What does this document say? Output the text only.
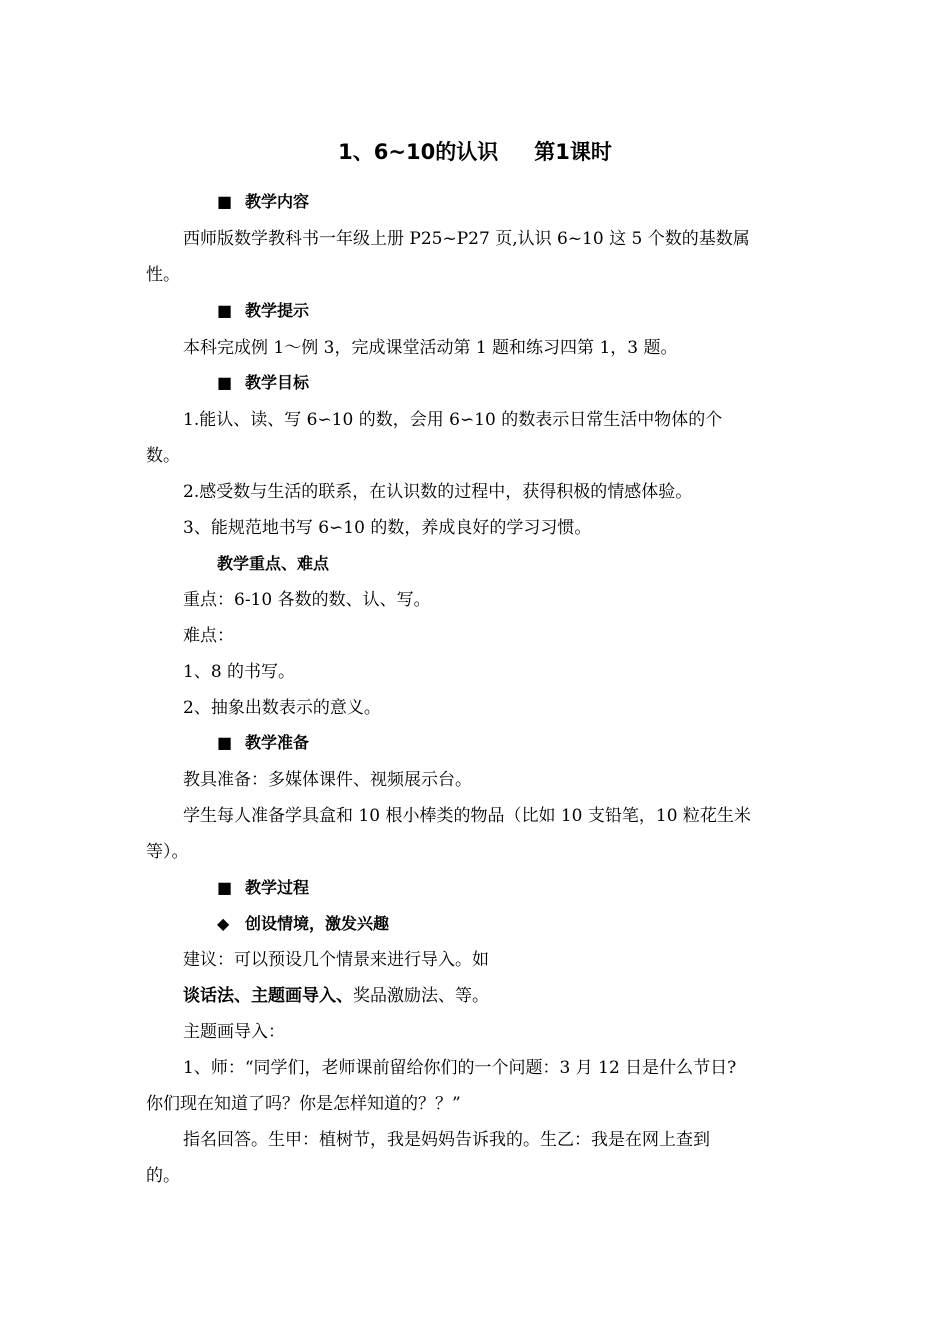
1、6~10的认识 第1课时
■ 教学内容
西师版数学教科书一年级上册 P25~P27 页,认识 6~10 这 5 个数的基数属
性。
■ 教学提示
本科完成例 1～例 3，完成课堂活动第 1 题和练习四第 1，3 题。
■ 教学目标
1.能认、读、写 6∽10 的数，会用 6∽10 的数表示日常生活中物体的个
数。
2.感受数与生活的联系，在认识数的过程中，获得积极的情感体验。
3、能规范地书写 6∽10 的数，养成良好的学习习惯。
教学重点、难点
重点：6-10 各数的数、认、写。
难点：
1、8 的书写。
2、抽象出数表示的意义。
■ 教学准备
教具准备：多媒体课件、视频展示台。
学生每人准备学具盒和 10 根小棒类的物品（比如 10 支铅笔，10 粒花生米
等）。
■ 教学过程
◆ 创设情境，激发兴趣
建议：可以预设几个情景来进行导入。如
谈话法、主题画导入、奖品激励法、等。
主题画导入：
1、师：“同学们，老师课前留给你们的一个问题：3 月 12 日是什么节日?
你们现在知道了吗？你是怎样知道的？？”
指名回答。生甲：植树节，我是妈妈告诉我的。生乙：我是在网上查到
的。
